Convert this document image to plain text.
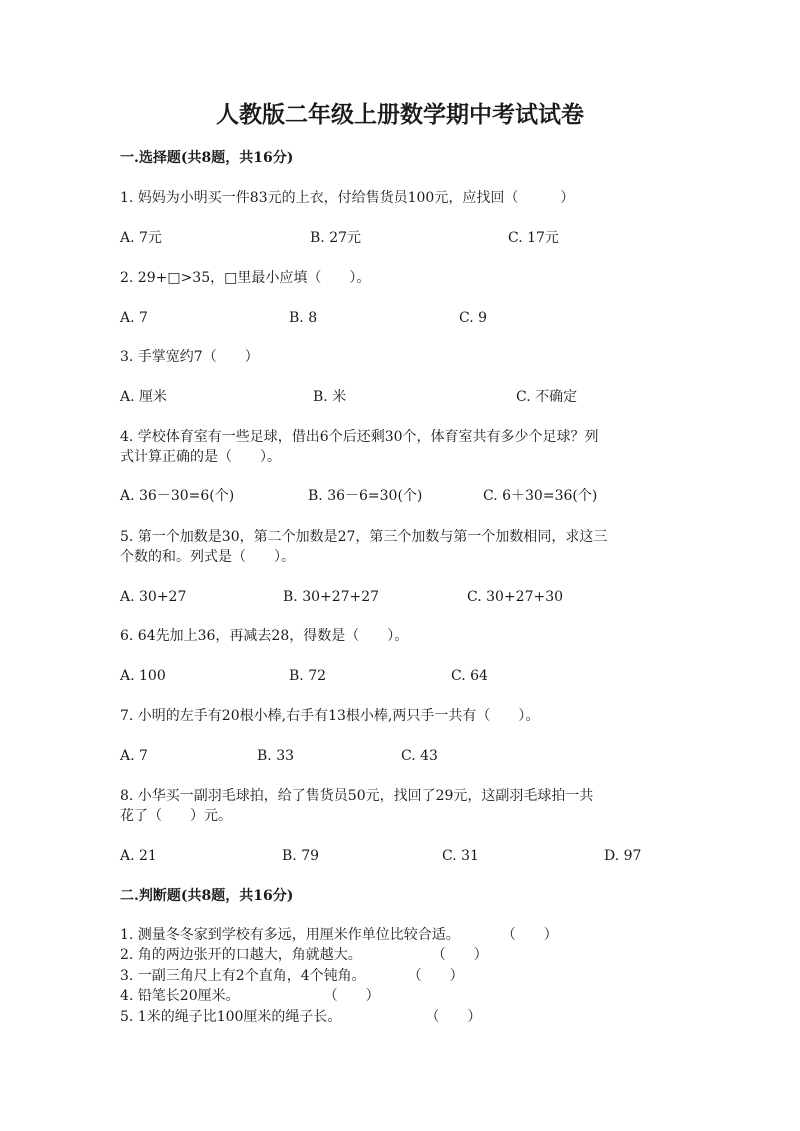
人教版二年级上册数学期中考试试卷
一.选择题(共8题，共16分)
1. 妈妈为小明买一件83元的上衣，付给售货员100元，应找回（　　　）
A. 7元	B. 27元	C. 17元
2. 29+□>35，□里最小应填（　　）。
A. 7	B. 8	C. 9
3. 手掌宽约7（　　）
A. 厘米	B. 米	C. 不确定
4. 学校体育室有一些足球，借出6个后还剩30个，体育室共有多少个足球？列
式计算正确的是（　　）。
A. 36－30=6(个)	B. 36－6=30(个)	C. 6＋30=36(个)
5. 第一个加数是30，第二个加数是27，第三个加数与第一个加数相同，求这三
个数的和。列式是（　　）。
A. 30+27	B. 30+27+27	C. 30+27+30
6. 64先加上36，再减去28，得数是（　　）。
A. 100	B. 72	C. 64
7. 小明的左手有20根小棒,右手有13根小棒,两只手一共有（　　）。
A. 7	B. 33	C. 43
8. 小华买一副羽毛球拍，给了售货员50元，找回了29元，这副羽毛球拍一共
花了（　　）元。
A. 21	B. 79	C. 31	D. 97
二.判断题(共8题，共16分)
1. 测量冬冬家到学校有多远，用厘米作单位比较合适。　　　　（　　）
2. 角的两边张开的口越大，角就越大。　　　　　　（　　）
3. 一副三角尺上有2个直角，4个钝角。　　　　（　　）
4. 铅笔长20厘米。　　　　　　　（　　）
5. 1米的绳子比100厘米的绳子长。　　　　　　　（　　）
